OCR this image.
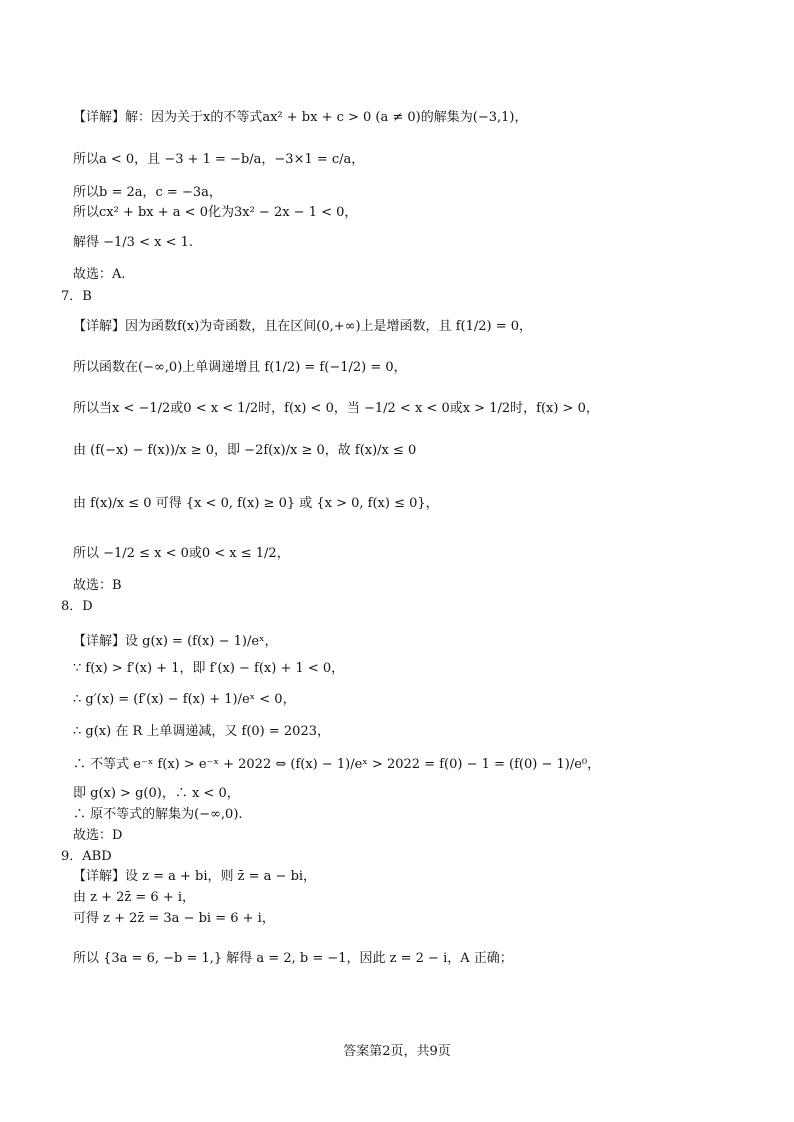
【详解】解：因为关于x的不等式ax² + bx + c > 0 (a ≠ 0)的解集为(−3,1)，
所以a < 0，且 −3 + 1 = −b/a，−3×1 = c/a，
所以b = 2a，c = −3a，
所以cx² + bx + a < 0化为3x² − 2x − 1 < 0，
解得 −1/3 < x < 1.
故选：A.
7．B
【详解】因为函数f(x)为奇函数，且在区间(0,+∞)上是增函数，且 f(1/2) = 0，
所以函数在(−∞,0)上单调递增且 f(1/2) = f(−1/2) = 0，
所以当x < −1/2或0 < x < 1/2时，f(x) < 0，当 −1/2 < x < 0或x > 1/2时，f(x) > 0，
由 (f(−x) − f(x))/x ≥ 0，即 −2f(x)/x ≥ 0，故 f(x)/x ≤ 0
由 f(x)/x ≤ 0 可得 {x < 0, f(x) ≥ 0} 或 {x > 0, f(x) ≤ 0}，
所以 −1/2 ≤ x < 0或0 < x ≤ 1/2，
故选：B
8．D
【详解】设 g(x) = (f(x) − 1)/eˣ，
∵ f(x) > f′(x) + 1，即 f′(x) − f(x) + 1 < 0，
∴ g′(x) = (f′(x) − f(x) + 1)/eˣ < 0，
∴ g(x) 在 R 上单调递减，又 f(0) = 2023，
∴ 不等式 e⁻ˣ f(x) > e⁻ˣ + 2022 ⇔ (f(x) − 1)/eˣ > 2022 = f(0) − 1 = (f(0) − 1)/e⁰，
即 g(x) > g(0)，∴ x < 0，
∴ 原不等式的解集为(−∞,0).
故选：D
9．ABD
【详解】设 z = a + bi，则 z̄ = a − bi，
由 z + 2z̄ = 6 + i，
可得 z + 2z̄ = 3a − bi = 6 + i，
所以 {3a = 6, −b = 1,} 解得 a = 2, b = −1，因此 z = 2 − i，A 正确；
答案第2页，共9页
